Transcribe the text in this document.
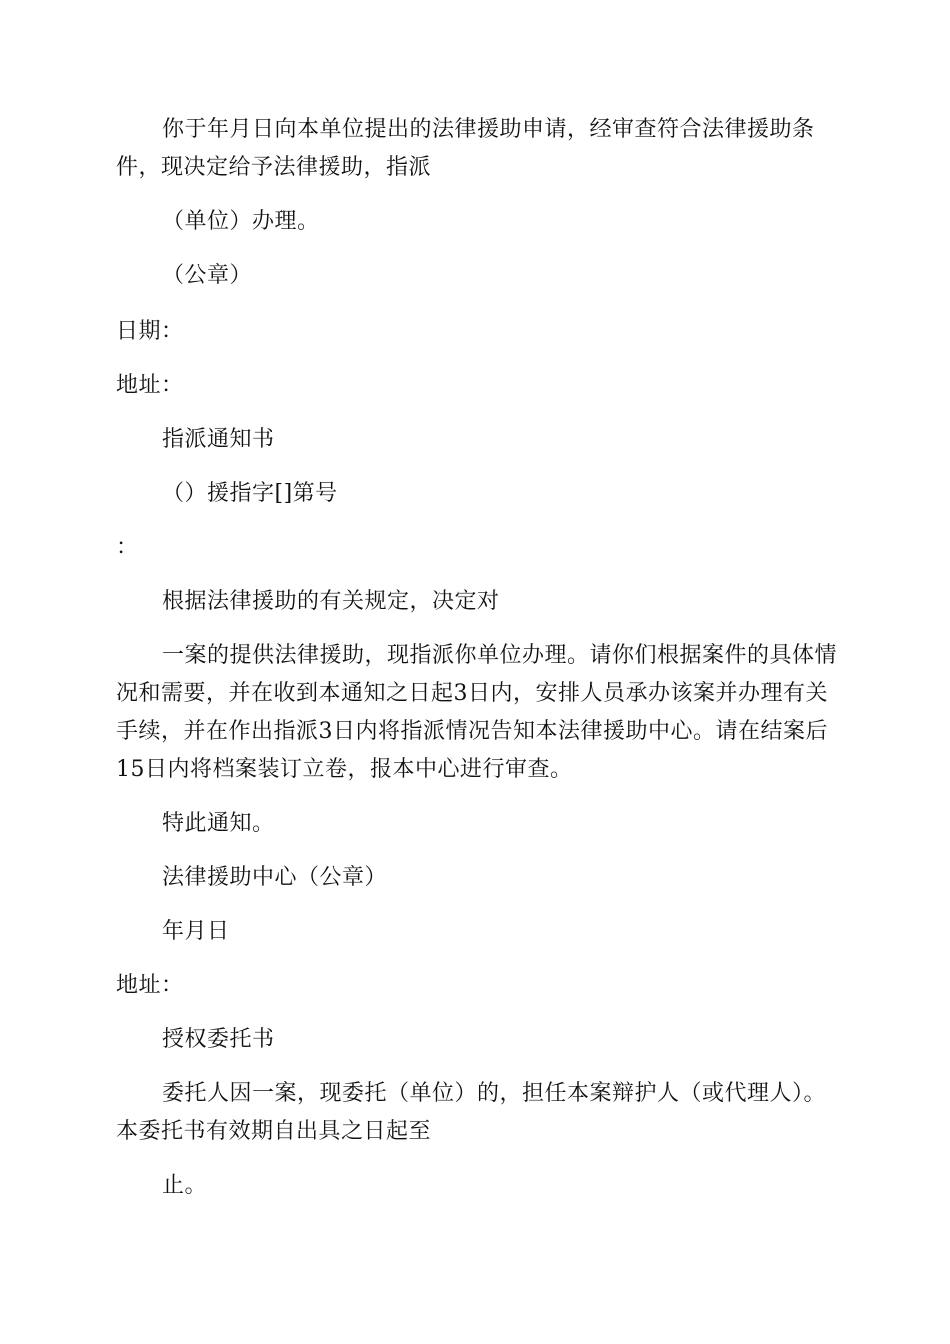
你于年月日向本单位提出的法律援助申请，经审查符合法律援助条
件，现决定给予法律援助，指派
（单位）办理。
（公章）
日期：
地址：
指派通知书
（）援指字[]第号
：
根据法律援助的有关规定，决定对
一案的提供法律援助，现指派你单位办理。请你们根据案件的具体情
况和需要，并在收到本通知之日起3日内，安排人员承办该案并办理有关
手续，并在作出指派3日内将指派情况告知本法律援助中心。请在结案后
15日内将档案装订立卷，报本中心进行审查。
特此通知。
法律援助中心（公章）
年月日
地址：
授权委托书
委托人因一案，现委托（单位）的，担任本案辩护人（或代理人）。
本委托书有效期自出具之日起至
止。
